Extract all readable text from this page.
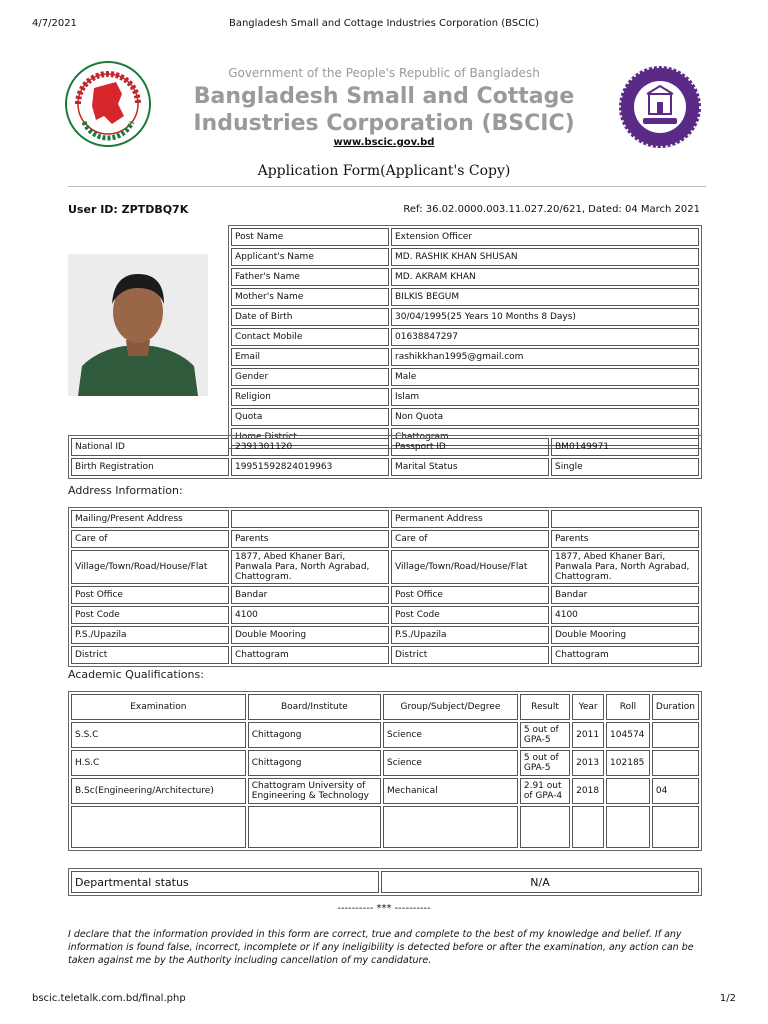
4/7/2021	Bangladesh Small and Cottage Industries Corporation (BSCIC)
Government of the People's Republic of Bangladesh
Bangladesh Small and Cottage
Industries Corporation (BSCIC)
www.bscic.gov.bd
Application Form(Applicant's Copy)
User ID: ZPTDBQ7K	Ref: 36.02.0000.003.11.027.20/621, Dated: 04 March 2021
Post Name	Extension Officer
Applicant's Name	MD. RASHIK KHAN SHUSAN
Father's Name	MD. AKRAM KHAN
Mother's Name	BILKIS BEGUM
Date of Birth	30/04/1995(25 Years 10 Months 8 Days)
Contact Mobile	01638847297
Email	rashikkhan1995@gmail.com
Gender	Male
Religion	Islam
Quota	Non Quota
Home District	Chattogram
National ID	2391301120	Passport ID	BM0149971
Birth Registration	19951592824019963	Marital Status	Single
Address Information:
Mailing/Present Address		Permanent Address	
Care of	Parents	Care of	Parents
Village/Town/Road/House/Flat	1877, Abed Khaner Bari, Panwala Para, North Agrabad, Chattogram.	Village/Town/Road/House/Flat	1877, Abed Khaner Bari, Panwala Para, North Agrabad, Chattogram.
Post Office	Bandar	Post Office	Bandar
Post Code	4100	Post Code	4100
P.S./Upazila	Double Mooring	P.S./Upazila	Double Mooring
District	Chattogram	District	Chattogram
Academic Qualifications:
Examination	Board/Institute	Group/Subject/Degree	Result	Year	Roll	Duration
S.S.C	Chittagong	Science	5 out of GPA-5	2011	104574	
H.S.C	Chittagong	Science	5 out of GPA-5	2013	102185	
B.Sc(Engineering/Architecture)	Chattogram University of Engineering & Technology	Mechanical	2.91 out of GPA-4	2018		04

Departmental status	N/A
---------- *** ----------
I declare that the information provided in this form are correct, true and complete to the best of my knowledge and belief. If any information is found false, incorrect, incomplete or if any ineligibility is detected before or after the examination, any action can be taken against me by the Authority including cancellation of my candidature.
bscic.teletalk.com.bd/final.php	1/2
